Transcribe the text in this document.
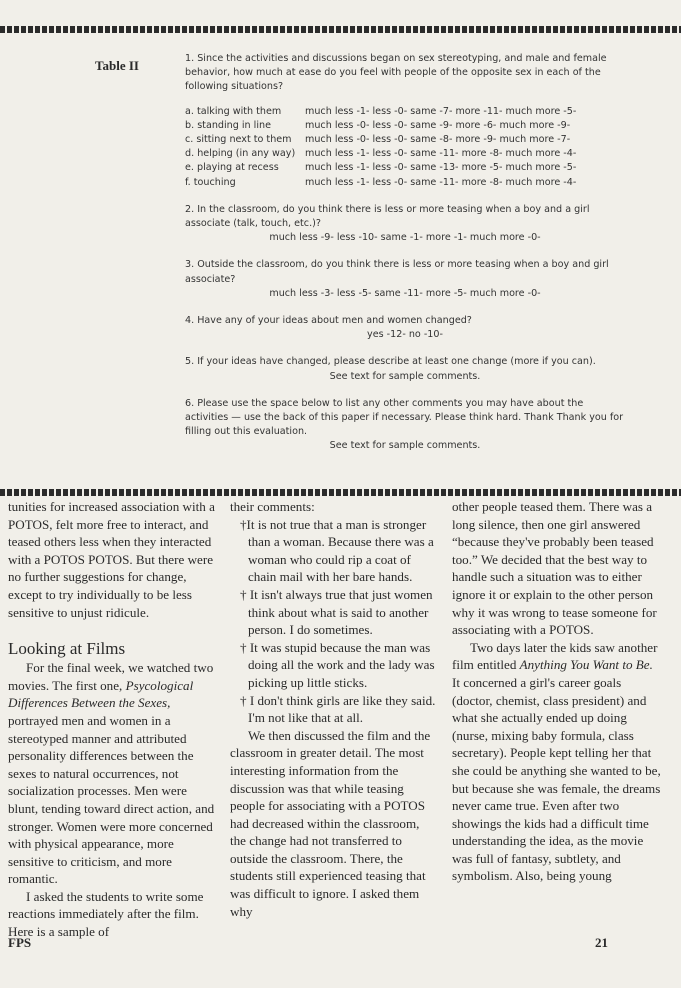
Table II	1. Since the activities and discussions began on sex stereotyping, and male and female behavior, how much at ease do you feel with people of the opposite sex in each of the following situations?

a. talking with them	much less -1- less -0- same -7- more -11- much more -5-
b. standing in line	much less -0- less -0- same -9- more -6- much more -9-
c. sitting next to them	much less -0- less -0- same -8- more -9- much more -7-
d. helping (in any way)	much less -1- less -0- same -11- more -8- much more -4-
e. playing at recess	much less -1- less -0- same -13- more -5- much more -5-
f. touching	much less -1- less -0- same -11- more -8- much more -4-

2. In the classroom, do you think there is less or more teasing when a boy and a girl associate (talk, touch, etc.)?

much less -9- less -10- same -1- more -1- much more -0-

3. Outside the classroom, do you think there is less or more teasing when a boy and girl associate?

much less -3- less -5- same -11- more -5- much more -0-

4. Have any of your ideas about men and women changed?

yes -12- no -10-

5. If your ideas have changed, please describe at least one change (more if you can).

See text for sample comments.

6. Please use the space below to list any other comments you may have about the activities — use the back of this paper if necessary. Please think hard. Thank Thank you for filling out this evaluation.

See text for sample comments.

tunities for increased association with a POTOS, felt more free to interact, and teased others less when they interacted with a POTOS POTOS. But there were no further suggestions for change, except to try individually to be less sensitive to unjust ridicule.

Looking at Films

For the final week, we watched two movies. The first one, Psycological Differences Between the Sexes, portrayed men and women in a stereotyped manner and attributed personality differences between the sexes to natural occurrences, not socialization processes. Men were blunt, tending toward direct action, and stronger. Women were more concerned with physical appearance, more sensitive to criticism, and more romantic.

I asked the students to write some reactions immediately after the film. Here is a sample of

their comments:

†It is not true that a man is stronger than a woman. Because there was a woman who could rip a coat of chain mail with her bare hands.

† It isn't always true that just women think about what is said to another person. I do sometimes.

† It was stupid because the man was doing all the work and the lady was picking up little sticks.

† I don't think girls are like they said. I'm not like that at all.

We then discussed the film and the classroom in greater detail. The most interesting information from the discussion was that while teasing people for associating with a POTOS had decreased within the classroom, the change had not transferred to outside the classroom. There, the students still experienced teasing that was difficult to ignore. I asked them why

other people teased them. There was a long silence, then one girl answered “because they've probably been teased too.” We decided that the best way to handle such a situation was to either ignore it or explain to the other person why it was wrong to tease someone for associating with a POTOS.

Two days later the kids saw another film entitled Anything You Want to Be. It concerned a girl's career goals (doctor, chemist, class president) and what she actually ended up doing (nurse, mixing baby formula, class secretary). People kept telling her that she could be anything she wanted to be, but because she was female, the dreams never came true. Even after two showings the kids had a difficult time understanding the idea, as the movie was full of fantasy, subtlety, and symbolism. Also, being young

FPS	21
